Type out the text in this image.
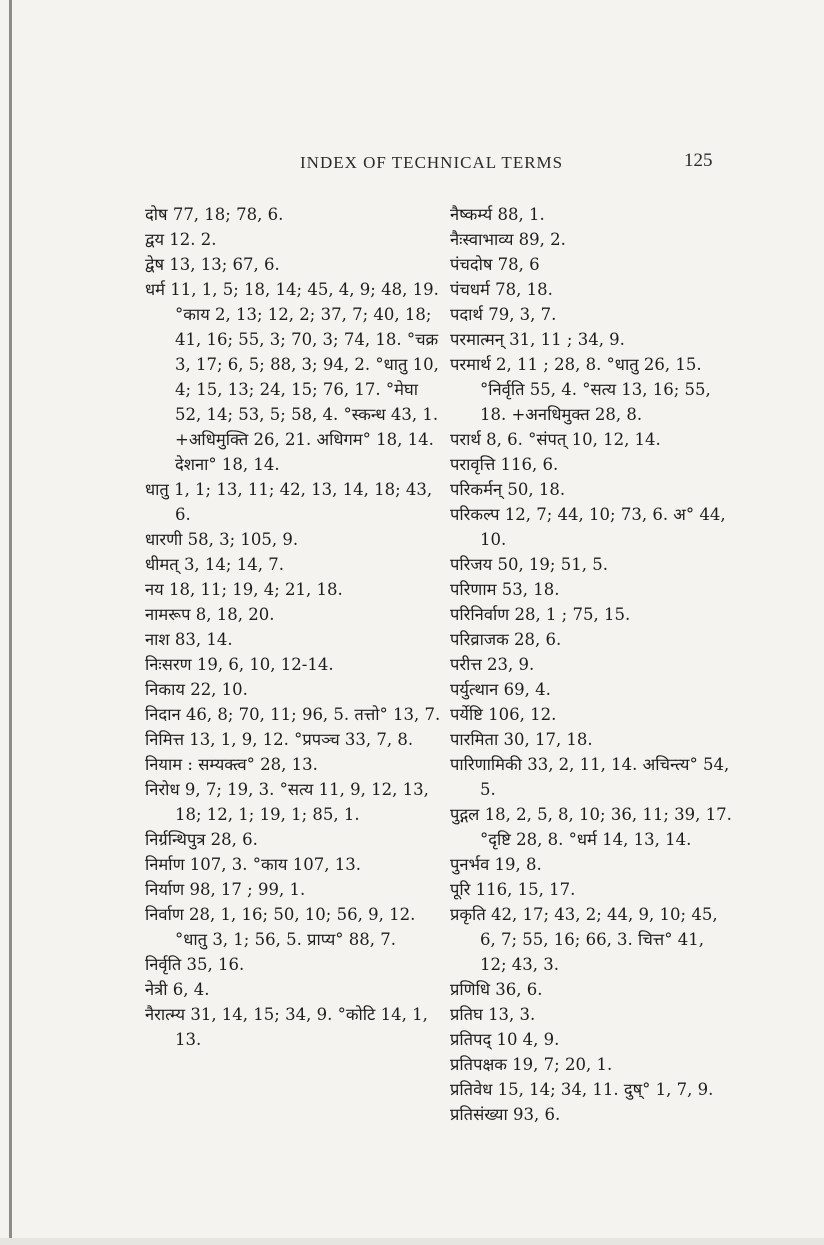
INDEX OF TECHNICAL TERMS	125
दोष 77, 18; 78, 6.
द्वय 12. 2.
द्वेष 13, 13; 67, 6.
धर्म 11, 1, 5; 18, 14; 45, 4, 9; 48, 19. °काय 2, 13; 12, 2; 37, 7; 40, 18; 41, 16; 55, 3; 70, 3; 74, 18. °चक्र 3, 17; 6, 5; 88, 3; 94, 2. °धातु 10, 4; 15, 13; 24, 15; 76, 17. °मेघा 52, 14; 53, 5; 58, 4. °स्कन्ध 43, 1. +अधिमुक्ति 26, 21. अधिगम° 18, 14. देशना° 18, 14.
धातु 1, 1; 13, 11; 42, 13, 14, 18; 43, 6.
धारणी 58, 3; 105, 9.
धीमत् 3, 14; 14, 7.
नय 18, 11; 19, 4; 21, 18.
नामरूप 8, 18, 20.
नाश 83, 14.
निःसरण 19, 6, 10, 12-14.
निकाय 22, 10.
निदान 46, 8; 70, 11; 96, 5. तत्तो° 13, 7.
निमित्त 13, 1, 9, 12. °प्रपञ्च 33, 7, 8.
नियाम : सम्यक्त्व° 28, 13.
निरोध 9, 7; 19, 3. °सत्य 11, 9, 12, 13, 18; 12, 1; 19, 1; 85, 1.
निर्ग्रन्थिपुत्र 28, 6.
निर्माण 107, 3. °काय 107, 13.
निर्याण 98, 17 ; 99, 1.
निर्वाण 28, 1, 16; 50, 10; 56, 9, 12. °धातु 3, 1; 56, 5. प्राप्य° 88, 7.
निर्वृति 35, 16.
नेत्री 6, 4.
नैरात्म्य 31, 14, 15; 34, 9. °कोटि 14, 1, 13.
नैष्कर्म्य 88, 1.
नैःस्वाभाव्य 89, 2.
पंचदोष 78, 6
पंचधर्म 78, 18.
पदार्थ 79, 3, 7.
परमात्मन् 31, 11 ; 34, 9.
परमार्थ 2, 11 ; 28, 8. °धातु 26, 15. °निर्वृति 55, 4. °सत्य 13, 16; 55, 18. +अनधिमुक्त 28, 8.
परार्थ 8, 6. °संपत् 10, 12, 14.
परावृत्ति 116, 6.
परिकर्मन् 50, 18.
परिकल्प 12, 7; 44, 10; 73, 6. अ° 44, 10.
परिजय 50, 19; 51, 5.
परिणाम 53, 18.
परिनिर्वाण 28, 1 ; 75, 15.
परिव्राजक 28, 6.
परीत्त 23, 9.
पर्युत्थान 69, 4.
पर्येष्टि 106, 12.
पारमिता 30, 17, 18.
पारिणामिकी 33, 2, 11, 14. अचिन्त्य° 54, 5.
पुद्गल 18, 2, 5, 8, 10; 36, 11; 39, 17. °दृष्टि 28, 8. °धर्म 14, 13, 14.
पुनर्भव 19, 8.
पूरि 116, 15, 17.
प्रकृति 42, 17; 43, 2; 44, 9, 10; 45, 6, 7; 55, 16; 66, 3. चित्त° 41, 12; 43, 3.
प्रणिधि 36, 6.
प्रतिघ 13, 3.
प्रतिपद् 10 4, 9.
प्रतिपक्षक 19, 7; 20, 1.
प्रतिवेध 15, 14; 34, 11. दुष्° 1, 7, 9.
प्रतिसंख्या 93, 6.
